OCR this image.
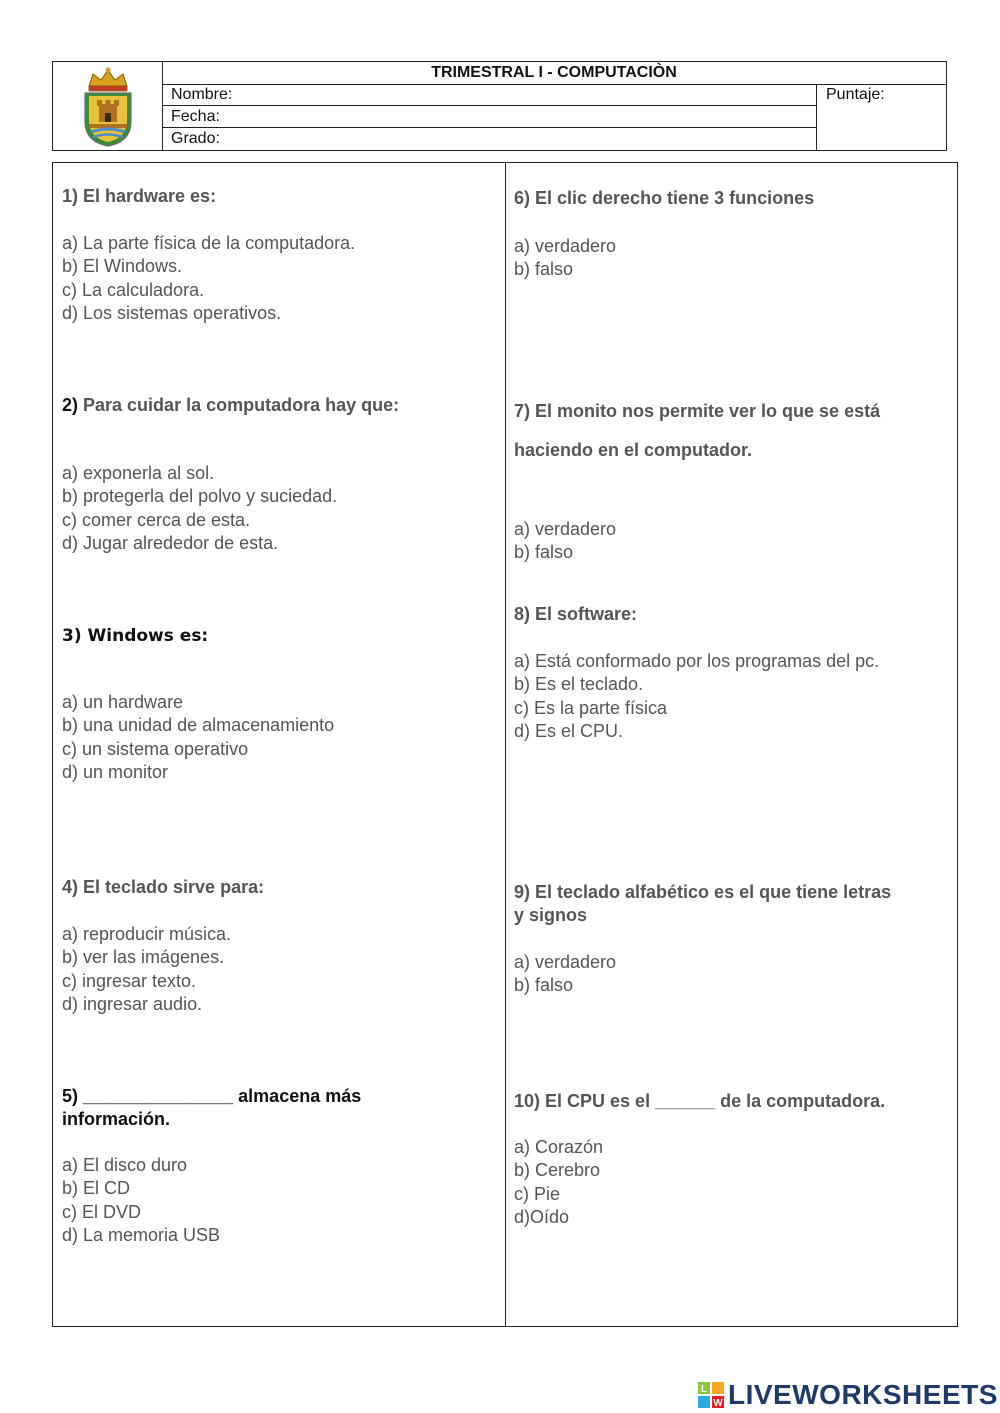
TRIMESTRAL I - COMPUTACIÒN
Nombre:
Fecha:
Grado:
Puntaje:
1) El hardware es:
a) La parte física de la computadora.
b) El Windows.
c) La calculadora.
d) Los sistemas operativos.
2) Para cuidar la computadora hay que:
a) exponerla al sol.
b) protegerla del polvo y suciedad.
c) comer cerca de esta.
d) Jugar alrededor de esta.
3) Windows es:
a) un hardware
b) una unidad de almacenamiento
c) un sistema operativo
d) un monitor
4) El teclado sirve para:
a) reproducir música.
b) ver las imágenes.
c) ingresar texto.
d) ingresar audio.
5) _______________ almacena más
información.
a) El disco duro
b) El CD
c) El DVD
d) La memoria USB
6) El clic derecho tiene 3 funciones
a) verdadero
b) falso
7) El monito nos permite ver lo que se está
haciendo en el computador.
a) verdadero
b) falso
8) El software:
a) Está conformado por los programas del pc.
b) Es el teclado.
c) Es la parte física
d) Es el CPU.
9) El teclado alfabético es el que tiene letras
y signos
a) verdadero
b) falso
10) El CPU es el ______ de la computadora.
a) Corazón
b) Cerebro
c) Pie
d)Oído
L
W LIVEWORKSHEETS
